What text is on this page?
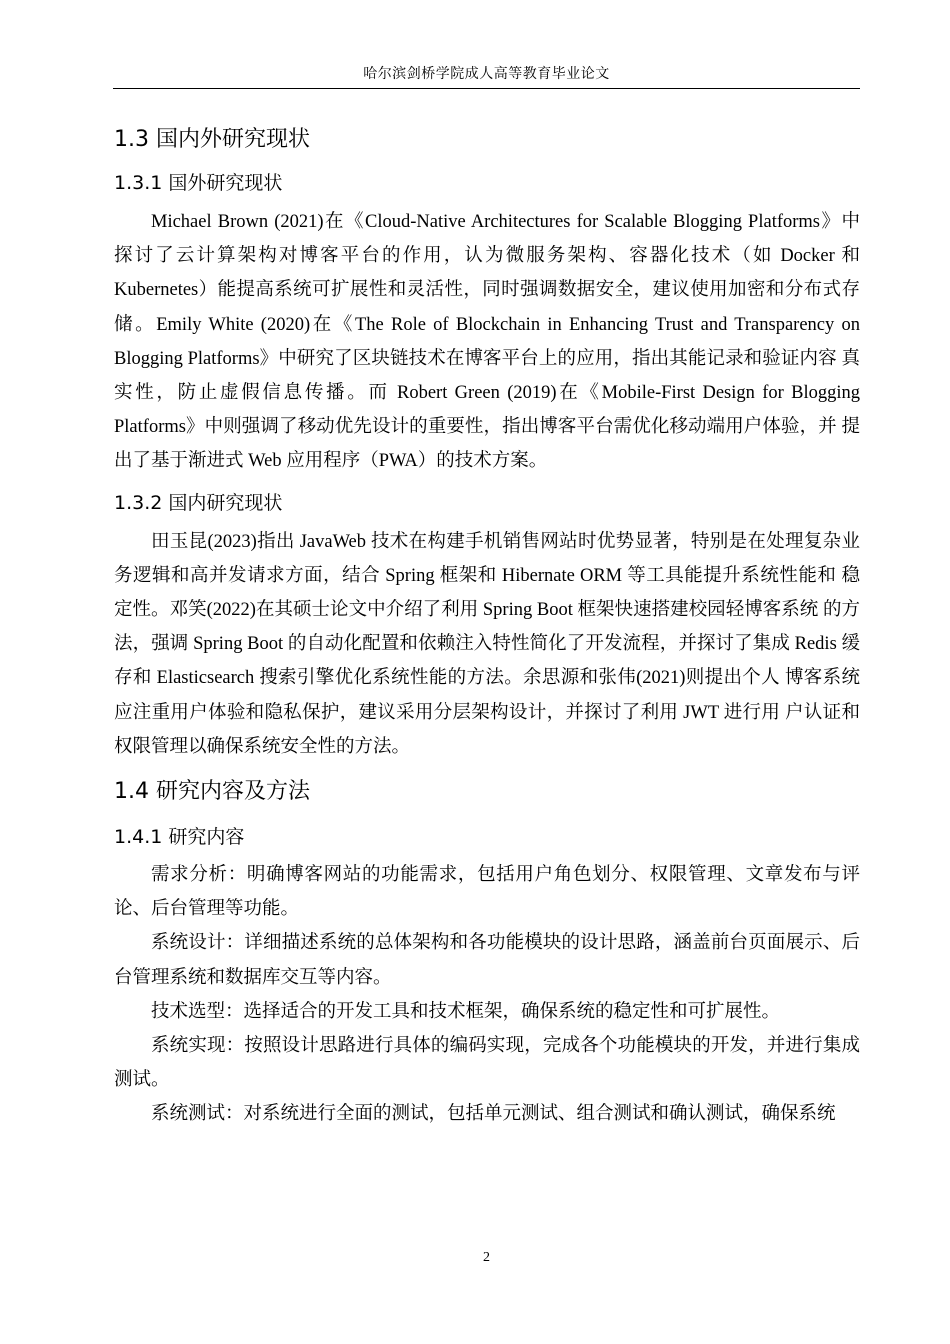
哈尔滨剑桥学院成人高等教育毕业论文
1.3 国内外研究现状
1.3.1 国外研究现状

Michael Brown (2021)在《Cloud-Native Architectures for Scalable Blogging Platforms》中 探讨了云计算架构对博客平台的作用，认为微服务架构、容器化技术（如 Docker 和 Kubernetes）能提高系统可扩展性和灵活性，同时强调数据安全，建议使用加密和分布式存储。Emily White (2020)在《The Role of Blockchain in Enhancing Trust and Transparency on Blogging Platforms》中研究了区块链技术在博客平台上的应用，指出其能记录和验证内容 真实性，防止虚假信息传播。而 Robert Green (2019)在《Mobile-First Design for Blogging Platforms》中则强调了移动优先设计的重要性，指出博客平台需优化移动端用户体验，并 提出了基于渐进式 Web 应用程序（PWA）的技术方案。

1.3.2 国内研究现状

田玉昆(2023)指出 JavaWeb 技术在构建手机销售网站时优势显著，特别是在处理复杂业务逻辑和高并发请求方面，结合 Spring 框架和 Hibernate ORM 等工具能提升系统性能和 稳定性。邓笑(2022)在其硕士论文中介绍了利用 Spring Boot 框架快速搭建校园轻博客系统 的方法，强调 Spring Boot 的自动化配置和依赖注入特性简化了开发流程，并探讨了集成 Redis 缓存和 Elasticsearch 搜索引擎优化系统性能的方法。余思源和张伟(2021)则提出个人 博客系统应注重用户体验和隐私保护，建议采用分层架构设计，并探讨了利用 JWT 进行用 户认证和权限管理以确保系统安全性的方法。

1.4 研究内容及方法
1.4.1 研究内容

需求分析：明确博客网站的功能需求，包括用户角色划分、权限管理、文章发布与评论、后台管理等功能。

系统设计：详细描述系统的总体架构和各功能模块的设计思路，涵盖前台页面展示、后台管理系统和数据库交互等内容。

技术选型：选择适合的开发工具和技术框架，确保系统的稳定性和可扩展性。

系统实现：按照设计思路进行具体的编码实现，完成各个功能模块的开发，并进行集成测试。

系统测试：对系统进行全面的测试，包括单元测试、组合测试和确认测试，确保系统

2
